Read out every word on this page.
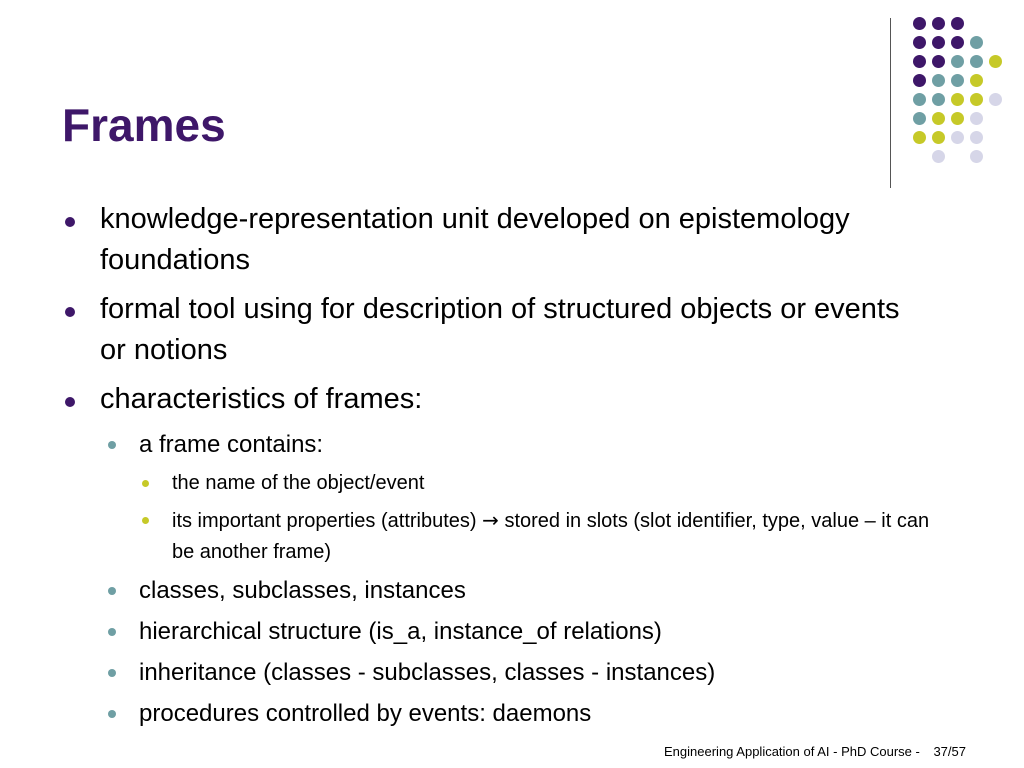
Frames

knowledge-representation unit developed on epistemology foundations

formal tool using for description of structured objects or events or notions

characteristics of frames:

a frame contains:

the name of the object/event

its important properties (attributes) → stored in slots (slot identifier, type, value – it can be another frame)

classes, subclasses, instances

hierarchical structure (is_a, instance_of relations)

inheritance (classes - subclasses, classes - instances)

procedures controlled by events: daemons

Engineering Application of AI - PhD Course - 37/57
